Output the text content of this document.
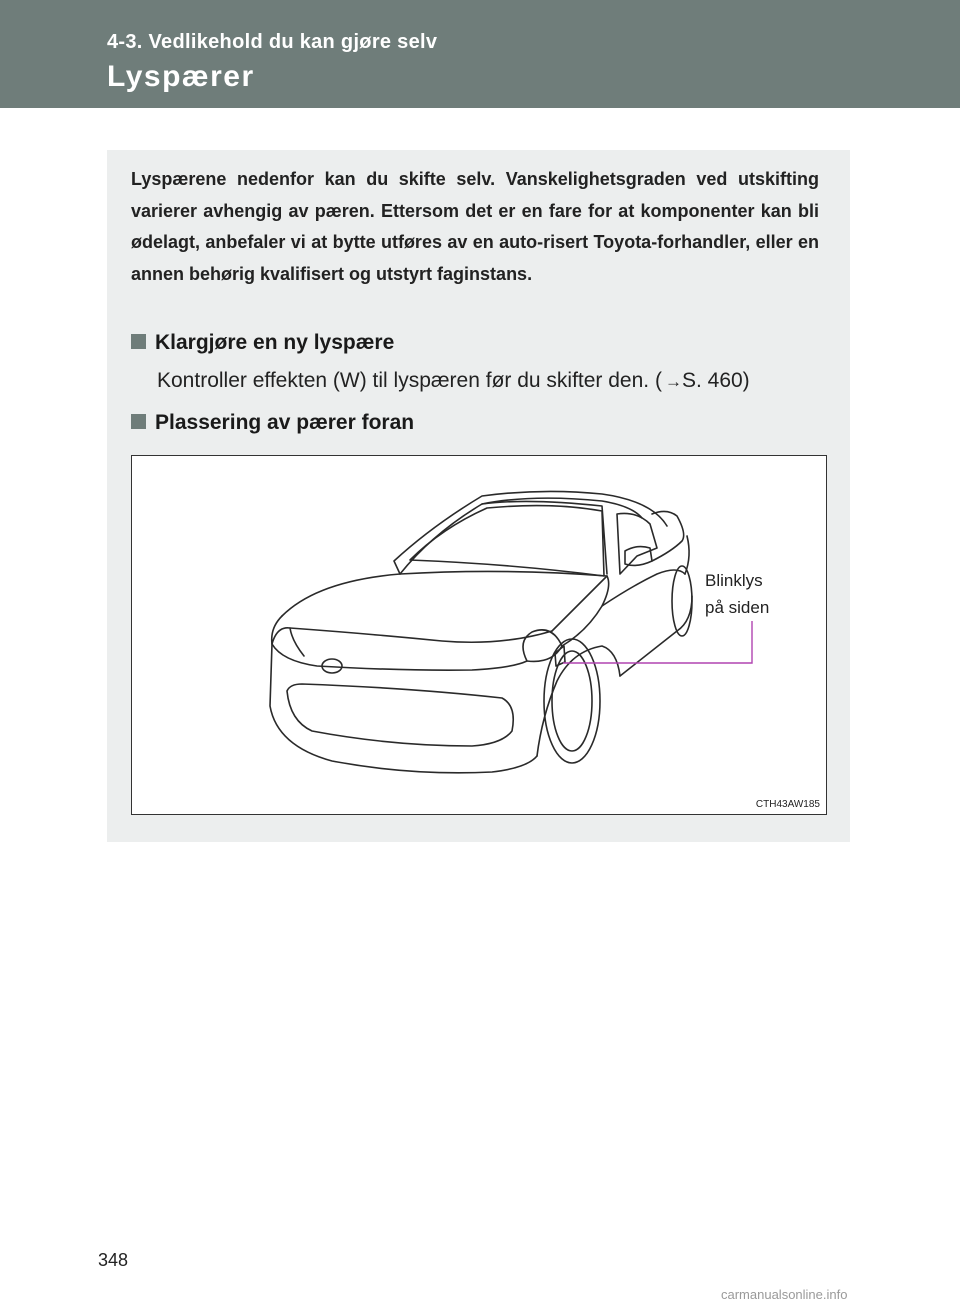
4-3. Vedlikehold du kan gjøre selv
Lyspærer
Lyspærene nedenfor kan du skifte selv. Vanskelighetsgraden ved utskifting varierer avhengig av pæren. Ettersom det er en fare for at komponenter kan bli ødelagt, anbefaler vi at bytte utføres av en auto-risert Toyota-forhandler, eller en annen behørig kvalifisert og utstyrt faginstans.
Klargjøre en ny lyspære
Kontroller effekten (W) til lyspæren før du skifter den. ( →S. 460)
Plassering av pærer foran
Blinklys
på siden
CTH43AW185
348
carmanualsonline.info
